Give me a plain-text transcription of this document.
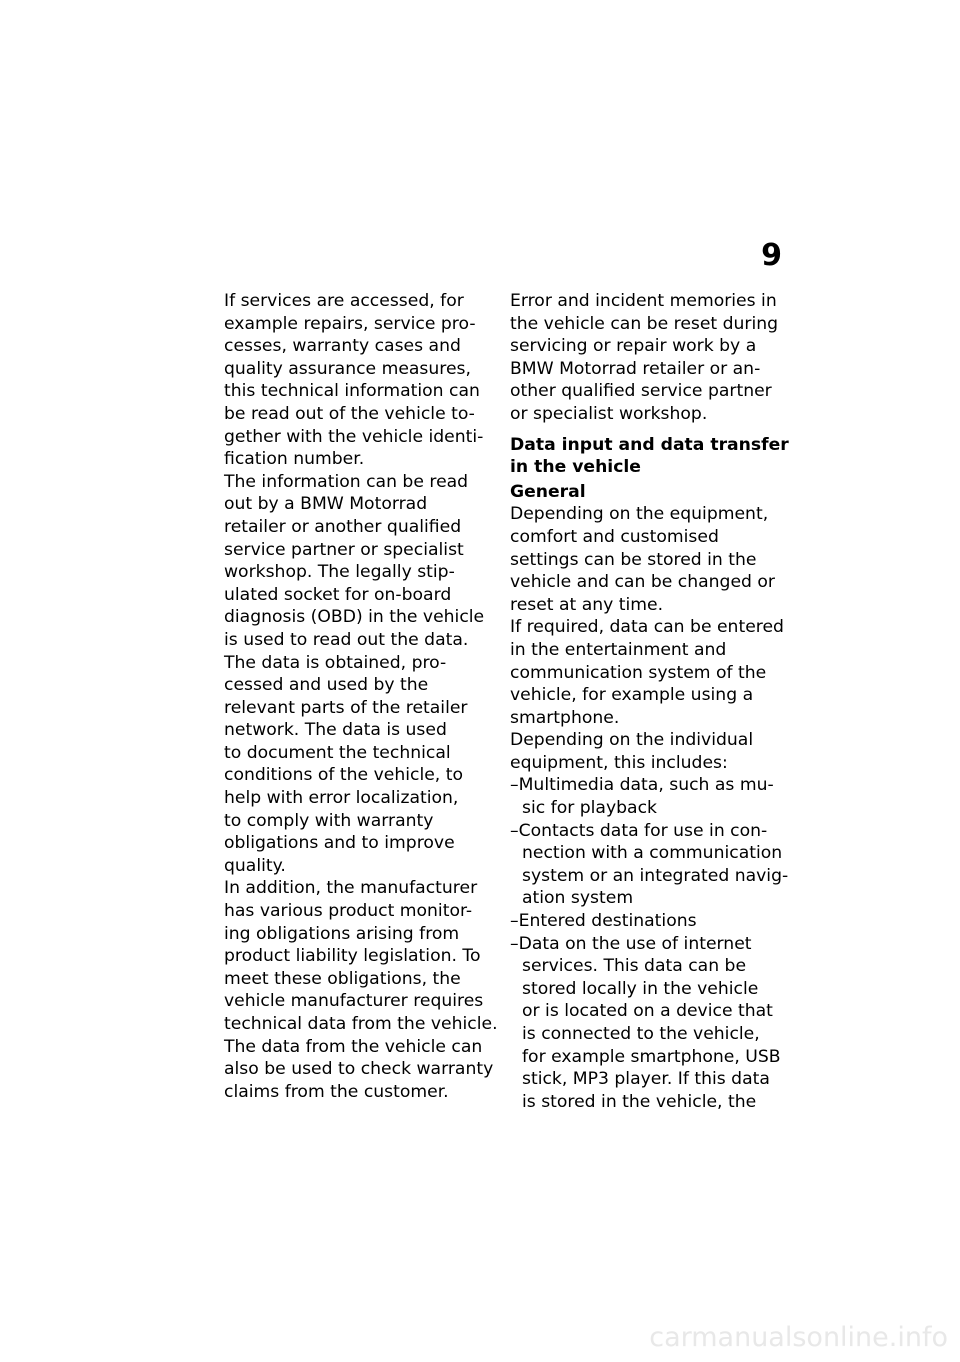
9
If services are accessed, for
example repairs, service pro-
cesses, warranty cases and
quality assurance measures,
this technical information can
be read out of the vehicle to-
gether with the vehicle identi-
fication number.
The information can be read
out by a BMW Motorrad
retailer or another qualified
service partner or specialist
workshop. The legally stip-
ulated socket for on-board
diagnosis (OBD) in the vehicle
is used to read out the data.
The data is obtained, pro-
cessed and used by the
relevant parts of the retailer
network. The data is used
to document the technical
conditions of the vehicle, to
help with error localization,
to comply with warranty
obligations and to improve
quality.
In addition, the manufacturer
has various product monitor-
ing obligations arising from
product liability legislation. To
meet these obligations, the
vehicle manufacturer requires
technical data from the vehicle.
The data from the vehicle can
also be used to check warranty
claims from the customer.
Error and incident memories in
the vehicle can be reset during
servicing or repair work by a
BMW Motorrad retailer or an-
other qualified service partner
or specialist workshop.
Data input and data transfer
in the vehicle
General
Depending on the equipment,
comfort and customised
settings can be stored in the
vehicle and can be changed or
reset at any time.
If required, data can be entered
in the entertainment and
communication system of the
vehicle, for example using a
smartphone.
Depending on the individual
equipment, this includes:
–Multimedia data, such as mu-
sic for playback
–Contacts data for use in con-
nection with a communication
system or an integrated navig-
ation system
–Entered destinations
–Data on the use of internet
services. This data can be
stored locally in the vehicle
or is located on a device that
is connected to the vehicle,
for example smartphone, USB
stick, MP3 player. If this data
is stored in the vehicle, the
carmanualsonline.info
